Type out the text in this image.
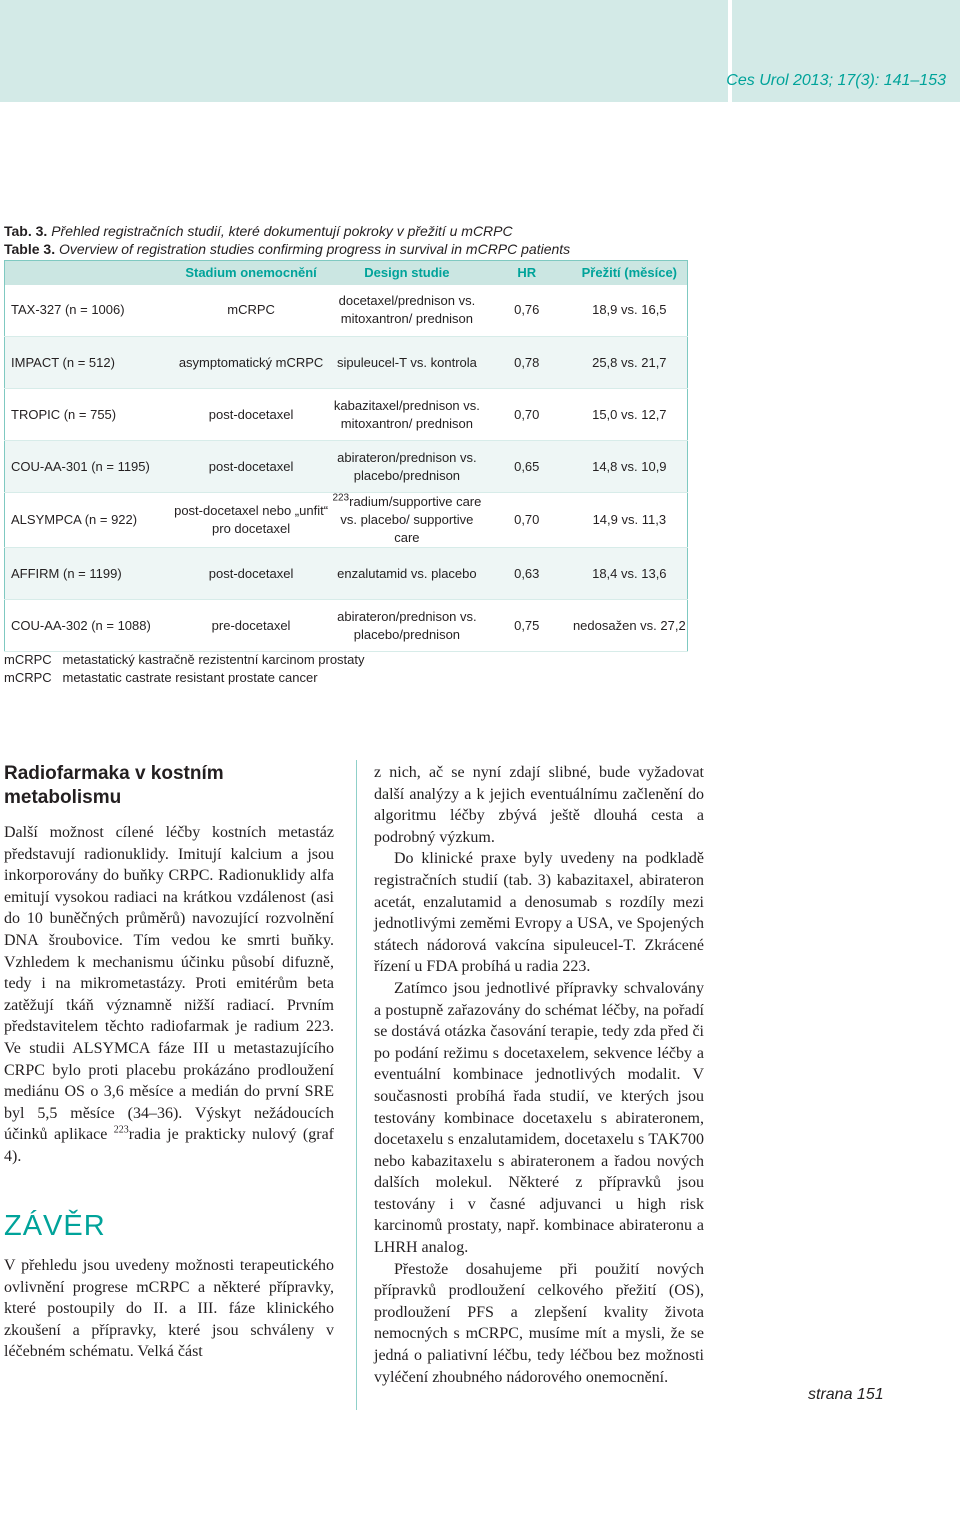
Ces Urol 2013; 17(3): 141–153
Tab. 3. Přehled registračních studií, které dokumentují pokroky v přežití u mCRPC
Table 3. Overview of registration studies confirming progress in survival in mCRPC patients
	Stadium onemocnění	Design studie	HR	Přežití (měsíce)
TAX-327 (n = 1006)	mCRPC	docetaxel/prednison vs. mitoxantron/ prednison	0,76	18,9 vs. 16,5
IMPACT (n = 512)	asymptomatický mCRPC	sipuleucel-T vs. kontrola	0,78	25,8 vs. 21,7
TROPIC (n = 755)	post-docetaxel	kabazitaxel/prednison vs. mitoxantron/ prednison	0,70	15,0 vs. 12,7
COU-AA-301 (n = 1195)	post-docetaxel	abirateron/prednison vs. placebo/prednison	0,65	14,8 vs. 10,9
ALSYMPCA (n = 922)	post-docetaxel nebo „unfit“ pro docetaxel	$^{223}$radium/supportive care vs. placebo/ supportive care	0,70	14,9 vs. 11,3
AFFIRM (n = 1199)	post-docetaxel	enzalutamid vs. placebo	0,63	18,4 vs. 13,6
COU-AA-302 (n = 1088)	pre-docetaxel	abirateron/prednison vs. placebo/prednison	0,75	nedosažen vs. 27,2
mCRPC   metastatický kastračně rezistentní karcinom prostaty
mCRPC   metastatic castrate resistant prostate cancer
Radiofarmaka v kostním metabolismu

Další možnost cílené léčby kostních metastáz představují radionuklidy. Imitují kalcium a jsou inkorporovány do buňky CRPC. Radionuklidy alfa emitují vysokou radiaci na krátkou vzdálenost (asi do 10 buněčných průměrů) navozující rozvolnění DNA šroubovice. Tím vedou ke smrti buňky. Vzhledem k mechanismu účinku působí difuzně, tedy i na mikrometastázy. Proti emitérům beta zatěžují tkáň významně nižší radiací. Prvním představitelem těchto radiofarmak je radium 223. Ve studii ALSYMCA fáze III u metastazujícího CRPC bylo proti placebu prokázáno prodloužení mediánu OS o 3,6 měsíce a medián do první SRE byl 5,5 měsíce (34–36). Výskyt nežádoucích účinků aplikace $^{223}$radia je prakticky nulový (graf 4).

ZÁVĚR

V přehledu jsou uvedeny možnosti terapeutického ovlivnění progrese mCRPC a některé přípravky, které postoupily do II. a III. fáze klinického zkoušení a přípravky, které jsou schváleny v léčebném schématu. Velká část

z nich, ač se nyní zdají slibné, bude vyžadovat další analýzy a k jejich eventuálnímu začlenění do algoritmu léčby zbývá ještě dlouhá cesta a podrobný výzkum.

Do klinické praxe byly uvedeny na podkladě registračních studií (tab. 3) kabazitaxel, abirateron acetát, enzalutamid a denosumab s rozdíly mezi jednotlivými zeměmi Evropy a USA, ve Spojených státech nádorová vakcína sipuleucel-T. Zkrácené řízení u FDA probíhá u radia 223.

Zatímco jsou jednotlivé přípravky schvalovány a postupně zařazovány do schémat léčby, na pořadí se dostává otázka časování terapie, tedy zda před či po podání režimu s docetaxelem, sekvence léčby a eventuální kombinace jednotlivých modalit. V současnosti probíhá řada studií, ve kterých jsou testovány kombinace docetaxelu s abirateronem, docetaxelu s enzalutamidem, docetaxelu s TAK700 nebo kabazitaxelu s abirateronem a řadou nových dalších molekul. Některé z přípravků jsou testovány i v časné adjuvanci u high risk karcinomů prostaty, např. kombinace abirateronu a LHRH analog.

Přestože dosahujeme při použití nových přípravků prodloužení celkového přežití (OS), prodloužení PFS a zlepšení kvality života nemocných s mCRPC, musíme mít a mysli, že se jedná o paliativní léčbu, tedy léčbou bez možnosti vyléčení zhoubného nádorového onemocnění.

strana 151
